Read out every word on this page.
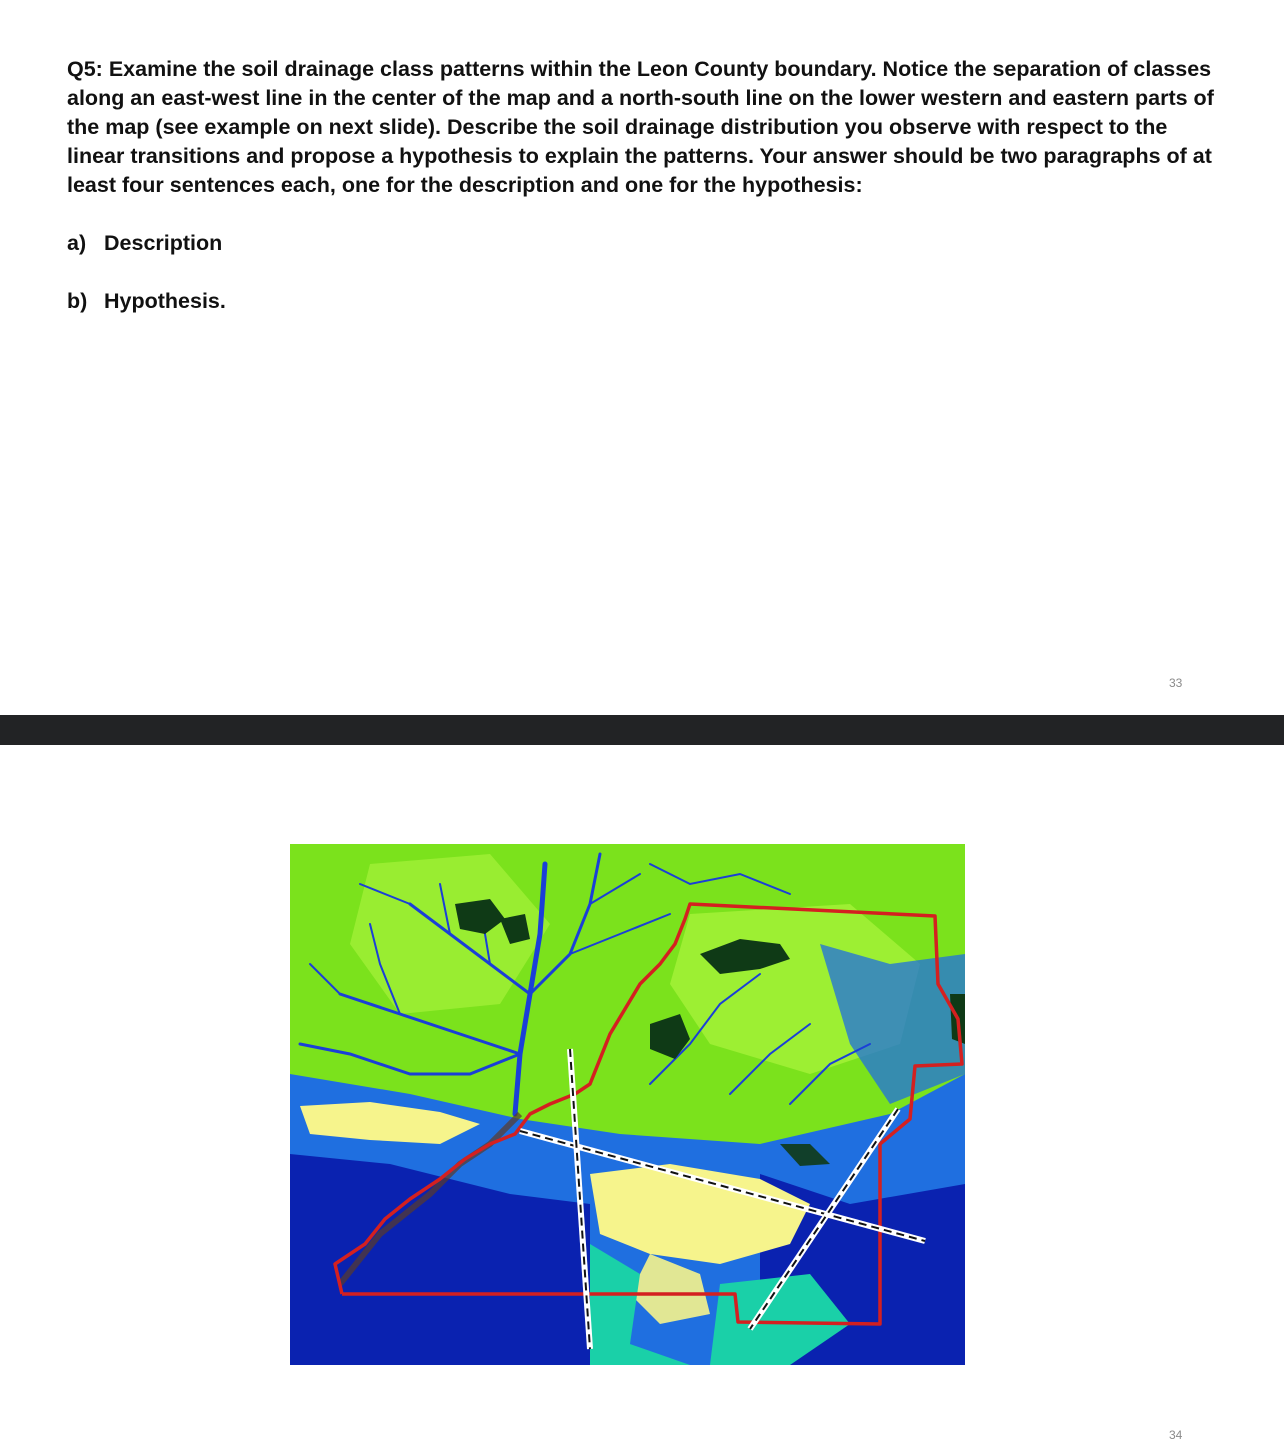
Q5: Examine the soil drainage class patterns within the Leon County boundary. Notice the separation of classes along an east-west line in the center of the map and a north-south line on the lower western and eastern parts of the map (see example on next slide). Describe the soil drainage distribution you observe with respect to the linear transitions and propose a hypothesis to explain the patterns. Your answer should be two paragraphs of at least four sentences each, one for the description and one for the hypothesis:

a) Description
b) Hypothesis.
33
34
